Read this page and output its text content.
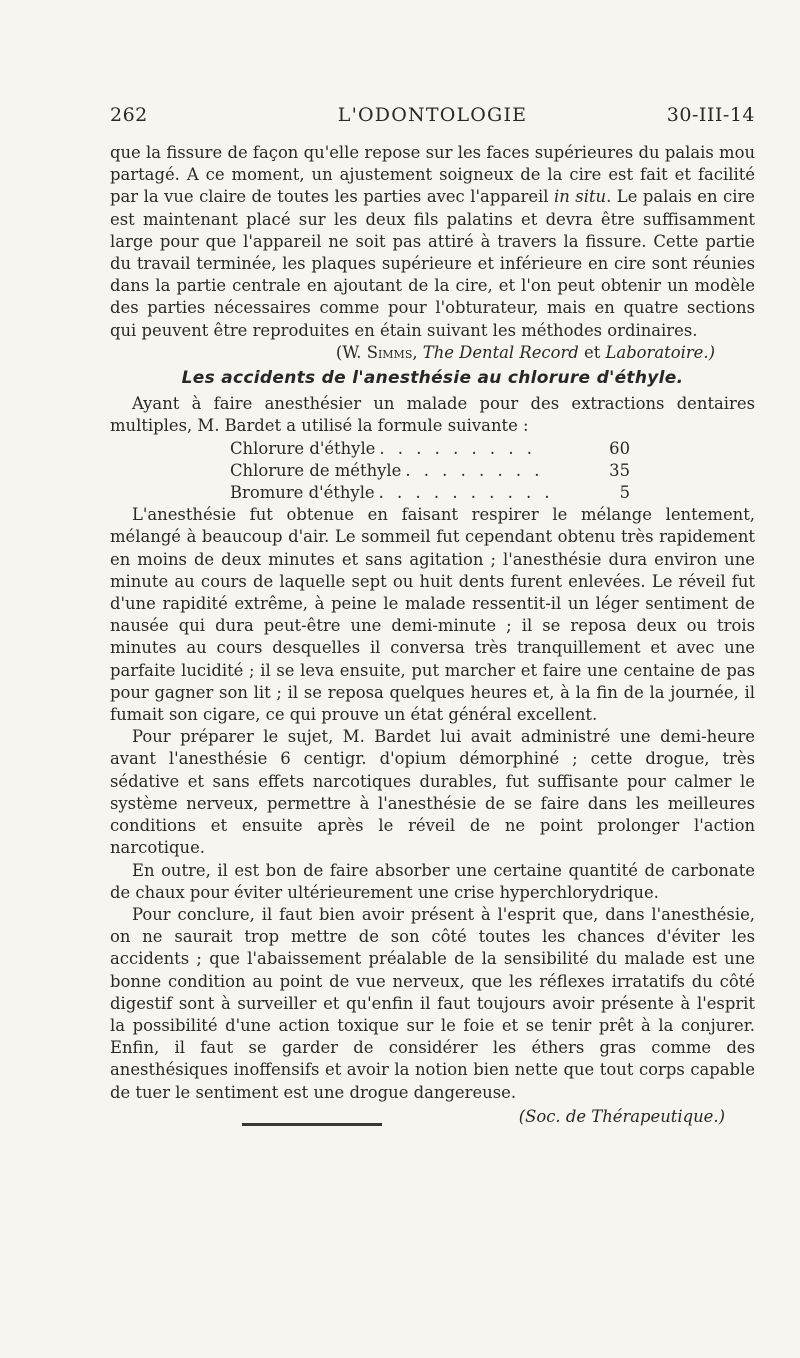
262	L'ODONTOLOGIE	30-III-14

que la fissure de façon qu'elle repose sur les faces supérieures du palais mou partagé. A ce moment, un ajustement soigneux de la cire est fait et facilité par la vue claire de toutes les parties avec l'appareil in situ. Le palais en cire est maintenant placé sur les deux fils palatins et devra être suffisamment large pour que l'appareil ne soit pas attiré à travers la fissure. Cette partie du travail terminée, les plaques supérieure et inférieure en cire sont réunies dans la partie centrale en ajoutant de la cire, et l'on peut obtenir un modèle des parties nécessaires comme pour l'obturateur, mais en quatre sections qui peuvent être reproduites en étain suivant les méthodes ordinaires.

(W. Simms, The Dental Record et Laboratoire.)

Les accidents de l'anesthésie au chlorure d'éthyle.

Ayant à faire anesthésier un malade pour des extractions dentaires multiples, M. Bardet a utilisé la formule suivante :

Chlorure d'éthyle . . . . . . . . .	60
Chlorure de méthyle . . . . . . . .	35
Bromure d'éthyle . . . . . . . . . .	5

L'anesthésie fut obtenue en faisant respirer le mélange lentement, mélangé à beaucoup d'air. Le sommeil fut cependant obtenu très rapidement en moins de deux minutes et sans agitation ; l'anesthésie dura environ une minute au cours de laquelle sept ou huit dents furent enlevées. Le réveil fut d'une rapidité extrême, à peine le malade ressentit-il un léger sentiment de nausée qui dura peut-être une demi-minute ; il se reposa deux ou trois minutes au cours desquelles il conversa très tranquillement et avec une parfaite lucidité ; il se leva ensuite, put marcher et faire une centaine de pas pour gagner son lit ; il se reposa quelques heures et, à la fin de la journée, il fumait son cigare, ce qui prouve un état général excellent.

Pour préparer le sujet, M. Bardet lui avait administré une demi-heure avant l'anesthésie 6 centigr. d'opium démorphiné ; cette drogue, très sédative et sans effets narcotiques durables, fut suffisante pour calmer le système nerveux, permettre à l'anesthésie de se faire dans les meilleures conditions et ensuite après le réveil de ne point prolonger l'action narcotique.

En outre, il est bon de faire absorber une certaine quantité de carbonate de chaux pour éviter ultérieurement une crise hyperchlorydrique.

Pour conclure, il faut bien avoir présent à l'esprit que, dans l'anesthésie, on ne saurait trop mettre de son côté toutes les chances d'éviter les accidents ; que l'abaissement préalable de la sensibilité du malade est une bonne condition au point de vue nerveux, que les réflexes irratatifs du côté digestif sont à surveiller et qu'enfin il faut toujours avoir présente à l'esprit la possibilité d'une action toxique sur le foie et se tenir prêt à la conjurer. Enfin, il faut se garder de considérer les éthers gras comme des anesthésiques inoffensifs et avoir la notion bien nette que tout corps capable de tuer le sentiment est une drogue dangereuse.

(Soc. de Thérapeutique.)
